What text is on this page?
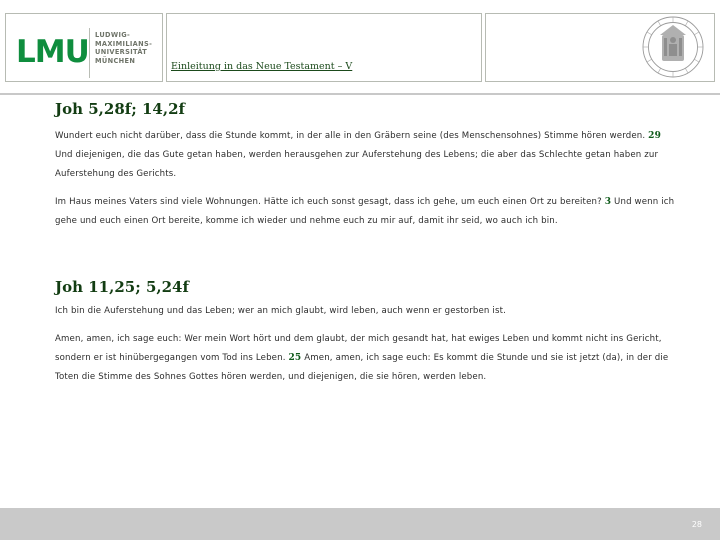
LMU LUDWIG-
MAXIMILIANS-
UNIVERSITÄT
MÜNCHEN
Einleitung in das Neue Testament – V
Joh 5,28f; 14,2f

Wundert euch nicht darüber, dass die Stunde kommt, in der alle in den Gräbern seine (des Menschensohnes) Stimme hören werden. 29 Und diejenigen, die das Gute getan haben, werden herausgehen zur Auferstehung des Lebens; die aber das Schlechte getan haben zur Auferstehung des Gerichts.

Im Haus meines Vaters sind viele Wohnungen. Hätte ich euch sonst gesagt, dass ich gehe, um euch einen Ort zu bereiten? 3 Und wenn ich gehe und euch einen Ort bereite, komme ich wieder und nehme euch zu mir auf, damit ihr seid, wo auch ich bin.

Joh 11,25; 5,24f

Ich bin die Auferstehung und das Leben; wer an mich glaubt, wird leben, auch wenn er gestorben ist.

Amen, amen, ich sage euch: Wer mein Wort hört und dem glaubt, der mich gesandt hat, hat ewiges Leben und kommt nicht ins Gericht, sondern er ist hinübergegangen vom Tod ins Leben. 25 Amen, amen, ich sage euch: Es kommt die Stunde und sie ist jetzt (da), in der die Toten die Stimme des Sohnes Gottes hören werden, und diejenigen, die sie hören, werden leben.

28
